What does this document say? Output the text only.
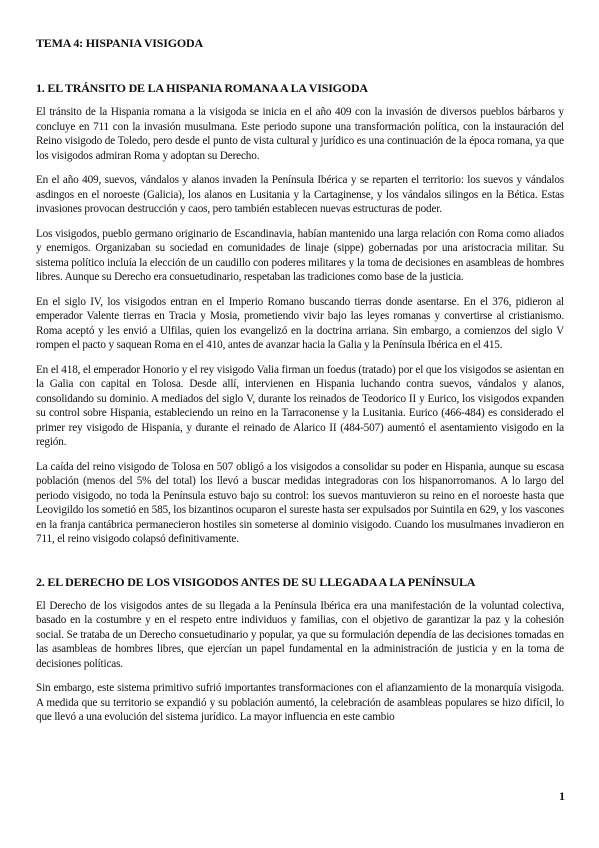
TEMA 4: HISPANIA VISIGODA
1. EL TRÁNSITO DE LA HISPANIA ROMANA A LA VISIGODA

El tránsito de la Hispania romana a la visigoda se inicia en el año 409 con la invasión de diversos pueblos bárbaros y concluye en 711 con la invasión musulmana. Este periodo supone una transformación política, con la instauración del Reino visigodo de Toledo, pero desde el punto de vista cultural y jurídico es una continuación de la época romana, ya que los visigodos admiran Roma y adoptan su Derecho.

En el año 409, suevos, vándalos y alanos invaden la Península Ibérica y se reparten el territorio: los suevos y vándalos asdingos en el noroeste (Galicia), los alanos en Lusitania y la Cartaginense, y los vándalos silingos en la Bética. Estas invasiones provocan destrucción y caos, pero también establecen nuevas estructuras de poder.

Los visigodos, pueblo germano originario de Escandinavia, habían mantenido una larga relación con Roma como aliados y enemigos. Organizaban su sociedad en comunidades de linaje (sippe) gobernadas por una aristocracia militar. Su sistema político incluía la elección de un caudillo con poderes militares y la toma de decisiones en asambleas de hombres libres. Aunque su Derecho era consuetudinario, respetaban las tradiciones como base de la justicia.

En el siglo IV, los visigodos entran en el Imperio Romano buscando tierras donde asentarse. En el 376, pidieron al emperador Valente tierras en Tracia y Mosia, prometiendo vivir bajo las leyes romanas y convertirse al cristianismo. Roma aceptó y les envió a Ulfilas, quien los evangelizó en la doctrina arriana. Sin embargo, a comienzos del siglo V rompen el pacto y saquean Roma en el 410, antes de avanzar hacia la Galia y la Península Ibérica en el 415.

En el 418, el emperador Honorio y el rey visigodo Valia firman un foedus (tratado) por el que los visigodos se asientan en la Galia con capital en Tolosa. Desde allí, intervienen en Hispania luchando contra suevos, vándalos y alanos, consolidando su dominio. A mediados del siglo V, durante los reinados de Teodorico II y Eurico, los visigodos expanden su control sobre Hispania, estableciendo un reino en la Tarraconense y la Lusitania. Eurico (466-484) es considerado el primer rey visigodo de Hispania, y durante el reinado de Alarico II (484-507) aumentó el asentamiento visigodo en la región.

La caída del reino visigodo de Tolosa en 507 obligó a los visigodos a consolidar su poder en Hispania, aunque su escasa población (menos del 5% del total) los llevó a buscar medidas integradoras con los hispanorromanos. A lo largo del periodo visigodo, no toda la Península estuvo bajo su control: los suevos mantuvieron su reino en el noroeste hasta que Leovigildo los sometió en 585, los bizantinos ocuparon el sureste hasta ser expulsados por Suintila en 629, y los vascones en la franja cantábrica permanecieron hostiles sin someterse al dominio visigodo. Cuando los musulmanes invadieron en 711, el reino visigodo colapsó definitivamente.

2. EL DERECHO DE LOS VISIGODOS ANTES DE SU LLEGADA A LA PENÍNSULA

El Derecho de los visigodos antes de su llegada a la Península Ibérica era una manifestación de la voluntad colectiva, basado en la costumbre y en el respeto entre individuos y familias, con el objetivo de garantizar la paz y la cohesión social. Se trataba de un Derecho consuetudinario y popular, ya que su formulación dependía de las decisiones tomadas en las asambleas de hombres libres, que ejercían un papel fundamental en la administración de justicia y en la toma de decisiones políticas.

Sin embargo, este sistema primitivo sufrió importantes transformaciones con el afianzamiento de la monarquía visigoda. A medida que su territorio se expandió y su población aumentó, la celebración de asambleas populares se hizo difícil, lo que llevó a una evolución del sistema jurídico. La mayor influencia en este cambio

1
